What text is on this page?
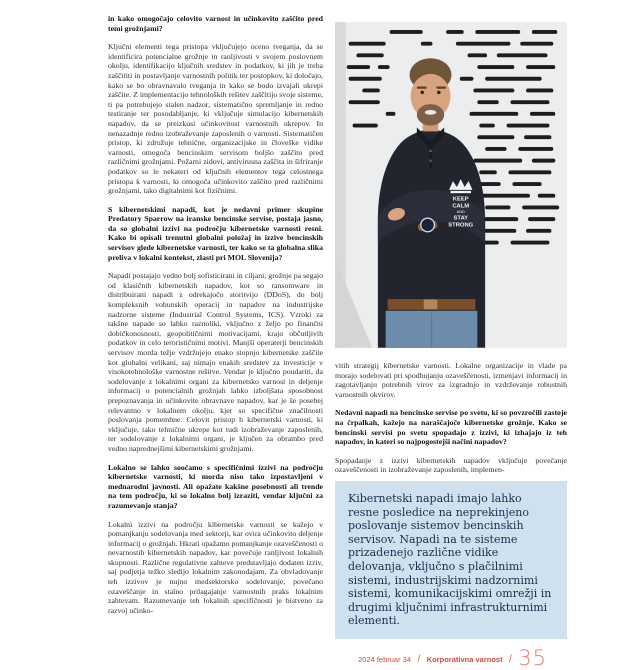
in kako omogočajo celovito varnost in učinkovito zaščito pred temi grožnjami?

Ključni elementi tega pristopa vključujejo oceno tveganja, da se identificira potencialne grožnje in ranljivosti v svojem poslovnem okolju, identifikacijo ključnih sredstev in podatkov, ki jih je treba zaščititi in postavljanje varnostnih politik ter postopkov, ki določajo, kako se bo obravnavalo tveganja in kako se bodo izvajali ukrepi zaščite. Z implementacijo tehnoloških rešitev zaščitijo svoje sisteme, ti pa potrebujejo stalen nadzor, sistematično spremljanje in redno testiranje ter posodabljanje, ki vključuje simulacijo kibernetskih napadov, da se preizkusi učinkovitost varnostnih ukrepov. In nenazadnje redno izobraževanje zaposlenih o varnosti. Sistematičen pristop, ki združuje tehnične, organizacijske in človeške vidike varnosti, omogoča bencinskim servisom boljšo zaščito pred različnimi grožnjami. Požarni zidovi, antivirusna zaščita in šifriranje podatkov so le nekateri od ključnih elementov tega celostnega pristopa k varnosti, ki omogoča učinkovito zaščito pred različnimi grožnjami, tako digitalnimi kot fizičnimi.

S kibernetskimi napadi, kot je nedavni primer skupine Predatory Sparrow na iranske bencinske servise, postaja jasno, da so globalni izzivi na področju kibernetske varnosti resni. Kako bi opisali trenutni globalni položaj in izzive bencinskih servisov glede kibernetske varnosti, ter kako se ta globalna slika preliva v lokalni kontekst, zlasti pri MOL Slovenija?

Napadi postajajo vedno bolj sofisticirani in ciljani, grožnje pa segajo od klasičnih kibernetskih napadov, kot so ransomware in distribuirani napadi z odrekajočo storitvijo (DDoS), do bolj kompleksnih vohunskih operacij in napadov na industrijske nadzorne sisteme (Industrial Control Systems, ICS). Vzroki za takšne napade so lahko raznoliki, vključno z željo po finančni dobičkonosnosti, geopolitičnimi motivacijami, krajo občutljivih podatkov in celo terorističnimi motivi. Manjši operaterji bencinskih servisov morda težje vzdržujejo enako stopnjo kibernetske zaščite kot globalni velikani, saj nimajo enakih sredstev za investicije v visokotehnološke varnostne rešitve. Vendar je ključno poudariti, da sodelovanje z lokalnimi organi za kibernetsko varnost in deljenje informacij o potencialnih grožnjah lahko izboljšata sposobnost prepoznavanja in učinkovite obravnave napadov, kar je še posebej relevantno v lokalnem okolju, kjer so specifične značilnosti poslovanja pomembne. Celovit pristop h kibernetski varnosti, ki vključuje, tako tehnične ukrepe kot tudi izobraževanje zaposlenih, ter sodelovanje z lokalnimi organi, je ključen za obrambo pred vedno naprednejšimi kibernetskimi grožnjami.

Lokalno se lahko soočamo s specifičnimi izzivi na področju kibernetske varnosti, ki morda niso tako izpostavljeni v mednarodni javnosti. Ali opažate kakšne posebnosti ali trende na tem področju, ki so lokalno bolj izraziti, vendar ključni za razumevanje stanja?

Lokalni izzivi na področju kibernetske varnosti se kažejo v pomanjkanju sodelovanja med sektorji, kar ovira učinkovito deljenje informacij o grožnjah. Hkrati opažamo pomanjkanje ozaveščenosti o nevarnostih kibernetskih napadov, kar povečuje ranljivost lokalnih skupnosti. Različne regulativne zahteve predstavljajo dodaten izziv, saj podjetja težko sledijo lokalnim zakonodajam. Za obvladovanje teh izzivov je nujno medsektorsko sodelovanje, povečano ozaveščanje in stalno prilagajanje varnostnih praks lokalnim zahtevam. Razumevanje teh lokalnih specifičnosti je bistveno za razvoj učinko-

KEEP
CALM
AND
STAY
STRONG

vitih strategij kibernetske varnosti. Lokalne organizacije in vlade pa morajo sodelovati pri spodbujanju ozaveščenosti, izmenjavi informacij in zagotavljanju potrebnih virov za izgradnjo in vzdrževanje robustnih varnostnih okvirov.

Nedavni napadi na bencinske servise po svetu, ki so povzročili zastoje na črpalkah, kažejo na naraščajoče kibernetske grožnje. Kako se bencinski servisi po svetu spopadajo z izzivi, ki izhajajo iz teh napadov, in kateri so najpogostejši načini napadov?

Spopadanje z izzivi kibernetskih napadov vključuje povečanje ozaveščenosti in izobraževanje zaposlenih, implemen-

Kibernetski napadi imajo lahko resne posledice na neprekinjeno poslovanje sistemov bencinskih servisov. Napadi na te sisteme prizadenejo različne vidike delovanja, vključno s plačilnimi sistemi, industrijskimi nadzornimi sistemi, komunikacijskimi omrežji in drugimi ključnimi infrastrukturnimi elementi.
2024 februar 34 / Korporativna varnost / 35
